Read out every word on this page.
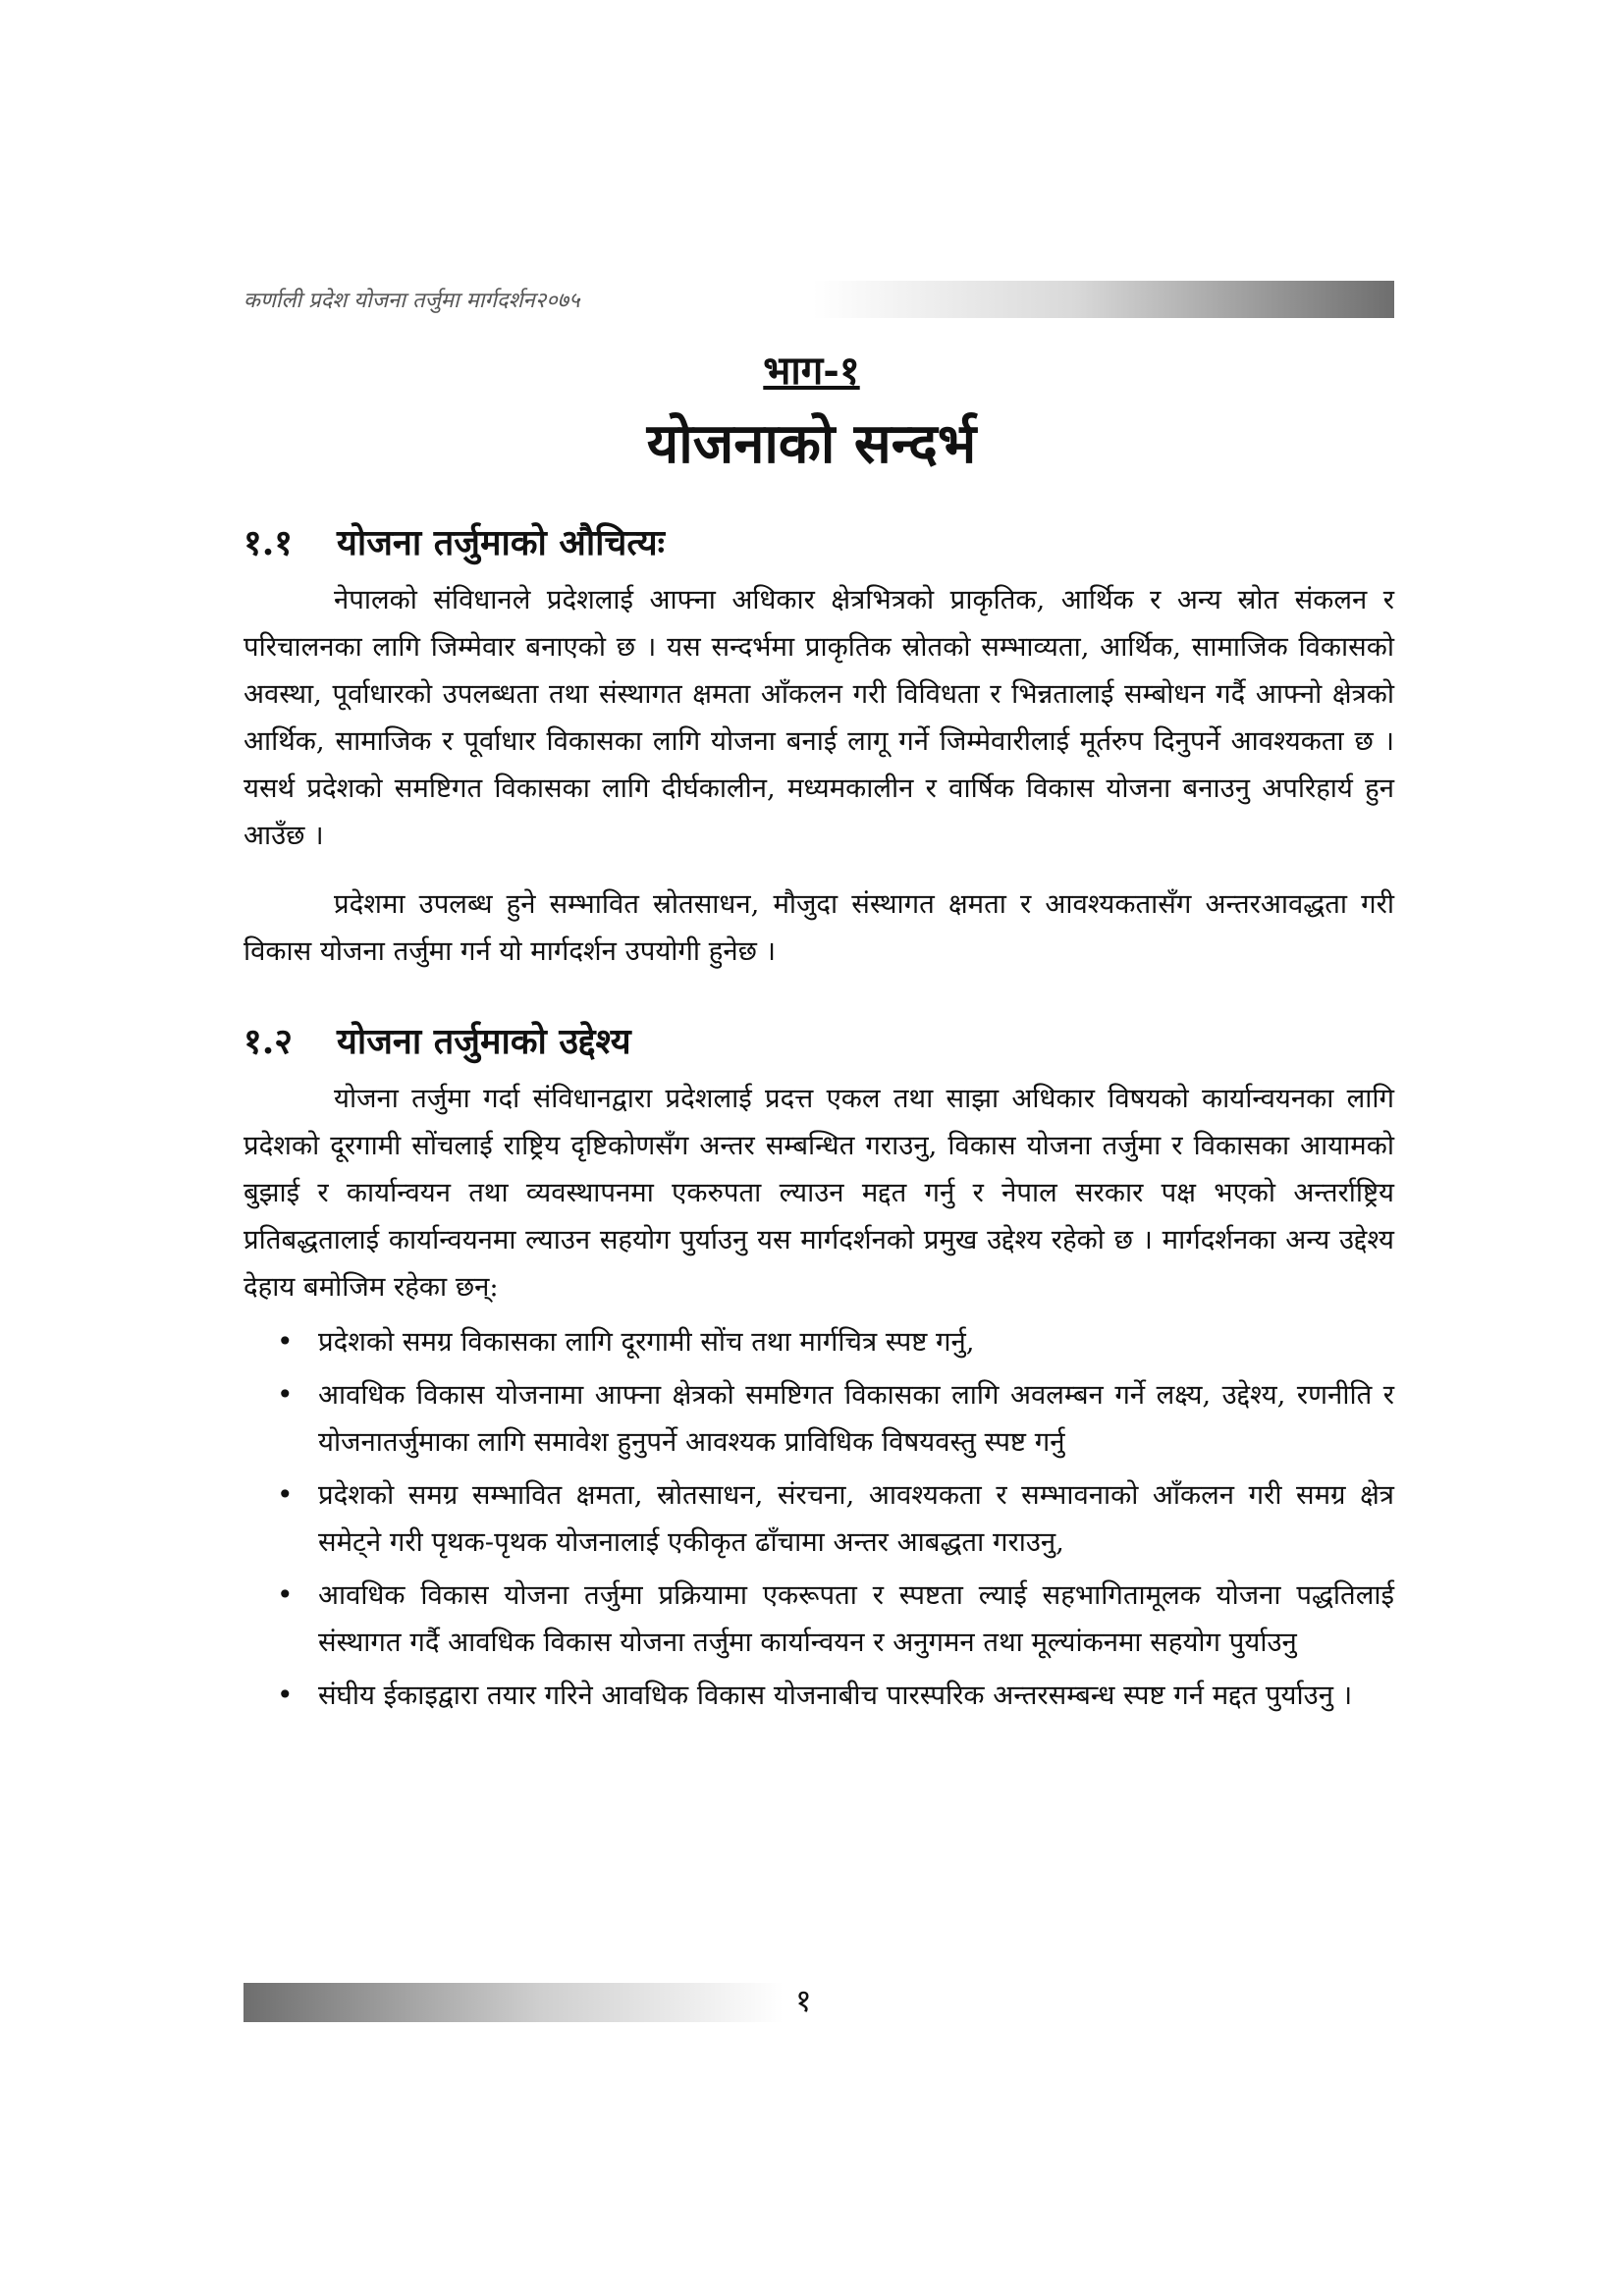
कर्णाली प्रदेश योजना तर्जुमा मार्गदर्शन२०७५
भाग-१
योजनाको सन्दर्भ
१.१	योजना तर्जुमाको औचित्यः

नेपालको संविधानले प्रदेशलाई आफ्ना अधिकार क्षेत्रभित्रको प्राकृतिक, आर्थिक र अन्य स्रोत संकलन र परिचालनका लागि जिम्मेवार बनाएको छ । यस सन्दर्भमा प्राकृतिक स्रोतको सम्भाव्यता, आर्थिक, सामाजिक विकासको अवस्था, पूर्वाधारको उपलब्धता तथा संस्थागत क्षमता आँकलन गरी विविधता र भिन्नतालाई सम्बोधन गर्दै आफ्नो क्षेत्रको आर्थिक, सामाजिक र पूर्वाधार विकासका लागि योजना बनाई लागू गर्ने जिम्मेवारीलाई मूर्तरुप दिनुपर्ने आवश्यकता छ । यसर्थ प्रदेशको समष्टिगत विकासका लागि दीर्घकालीन, मध्यमकालीन र वार्षिक विकास योजना बनाउनु अपरिहार्य हुन आउँछ ।

प्रदेशमा उपलब्ध हुने सम्भावित स्रोतसाधन, मौजुदा संस्थागत क्षमता र आवश्यकतासँग अन्तरआवद्धता गरी विकास योजना तर्जुमा गर्न यो मार्गदर्शन उपयोगी हुनेछ ।

१.२	योजना तर्जुमाको उद्देश्य

योजना तर्जुमा गर्दा संविधानद्वारा प्रदेशलाई प्रदत्त एकल तथा साझा अधिकार विषयको कार्यान्वयनका लागि प्रदेशको दूरगामी सोंचलाई राष्ट्रिय दृष्टिकोणसँग अन्तर सम्बन्धित गराउनु, विकास योजना तर्जुमा र विकासका आयामको बुझाई र कार्यान्वयन तथा व्यवस्थापनमा एकरुपता ल्याउन मद्दत गर्नु र नेपाल सरकार पक्ष भएको अन्तर्राष्ट्रिय प्रतिबद्धतालाई कार्यान्वयनमा ल्याउन सहयोग पुर्याउनु यस मार्गदर्शनको प्रमुख उद्देश्य रहेको छ । मार्गदर्शनका अन्य उद्देश्य देहाय बमोजिम रहेका छन्:

• प्रदेशको समग्र विकासका लागि दूरगामी सोंच तथा मार्गचित्र स्पष्ट गर्नु,
• आवधिक विकास योजनामा आफ्ना क्षेत्रको समष्टिगत विकासका लागि अवलम्बन गर्ने लक्ष्य, उद्देश्य, रणनीति र योजनातर्जुमाका लागि समावेश हुनुपर्ने आवश्यक प्राविधिक विषयवस्तु स्पष्ट गर्नु
• प्रदेशको समग्र सम्भावित क्षमता, स्रोतसाधन, संरचना, आवश्यकता र सम्भावनाको आँकलन गरी समग्र क्षेत्र समेट्ने गरी पृथक-पृथक योजनालाई एकीकृत ढाँचामा अन्तर आबद्धता गराउनु,
• आवधिक विकास योजना तर्जुमा प्रक्रियामा एकरूपता र स्पष्टता ल्याई सहभागितामूलक योजना पद्धतिलाई संस्थागत गर्दै आवधिक विकास योजना तर्जुमा कार्यान्वयन र अनुगमन तथा मूल्यांकनमा सहयोग पुर्याउनु
• संघीय ईकाइद्वारा तयार गरिने आवधिक विकास योजनाबीच पारस्परिक अन्तरसम्बन्ध स्पष्ट गर्न मद्दत पुर्याउनु ।
१
